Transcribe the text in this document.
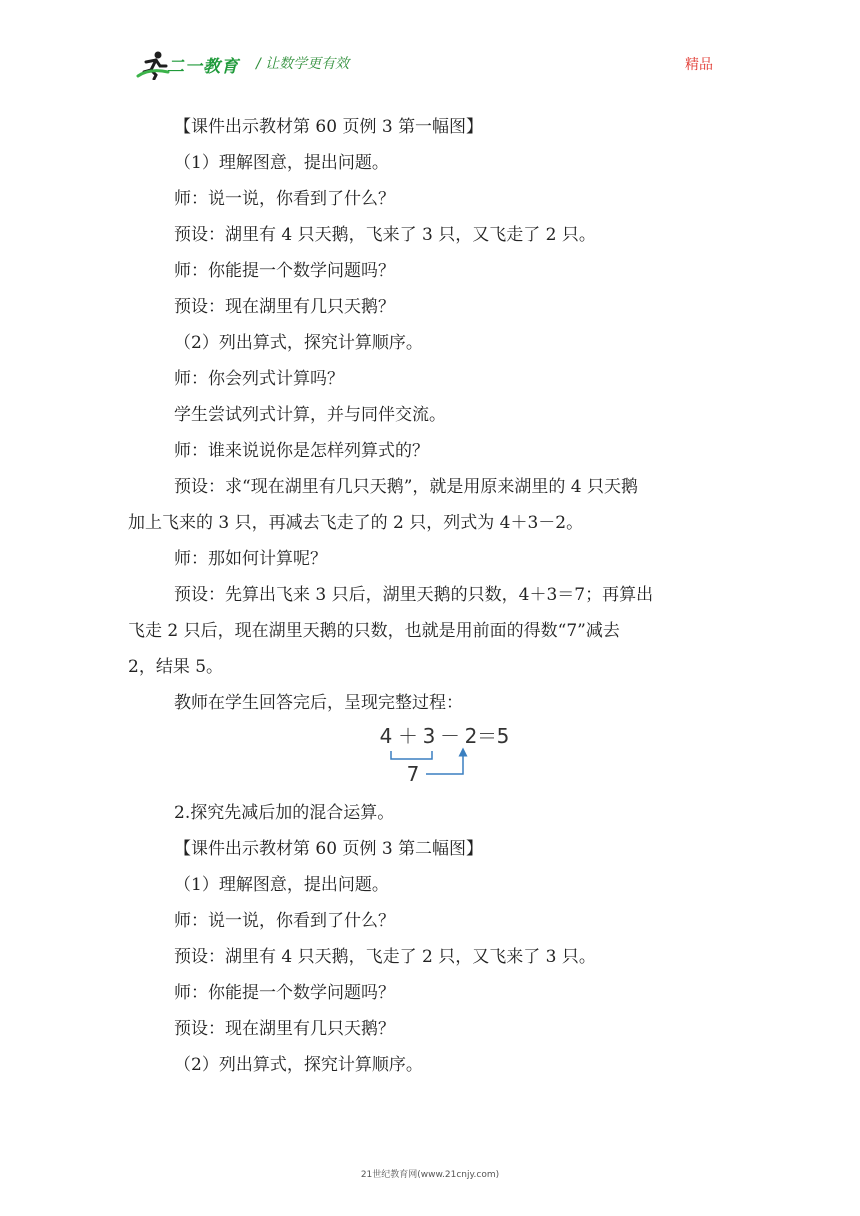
二一教育 / 让数学更有效	精品
【课件出示教材第 60 页例 3 第一幅图】
（1）理解图意，提出问题。
师：说一说，你看到了什么？
预设：湖里有 4 只天鹅，飞来了 3 只，又飞走了 2 只。
师：你能提一个数学问题吗？
预设：现在湖里有几只天鹅？
（2）列出算式，探究计算顺序。
师：你会列式计算吗？
学生尝试列式计算，并与同伴交流。
师：谁来说说你是怎样列算式的？
预设：求“现在湖里有几只天鹅”，就是用原来湖里的 4 只天鹅
加上飞来的 3 只，再减去飞走了的 2 只，列式为 4＋3－2。
师：那如何计算呢？
预设：先算出飞来 3 只后，湖里天鹅的只数，4＋3＝7；再算出
飞走 2 只后，现在湖里天鹅的只数，也就是用前面的得数“7”减去
2，结果 5。
教师在学生回答完后，呈现完整过程：
4 ＋ 3 － 2 ＝ 5
7
2.探究先减后加的混合运算。
【课件出示教材第 60 页例 3 第二幅图】
（1）理解图意，提出问题。
师：说一说，你看到了什么？
预设：湖里有 4 只天鹅，飞走了 2 只，又飞来了 3 只。
师：你能提一个数学问题吗？
预设：现在湖里有几只天鹅？
（2）列出算式，探究计算顺序。
21世纪教育网(www.21cnjy.com)
